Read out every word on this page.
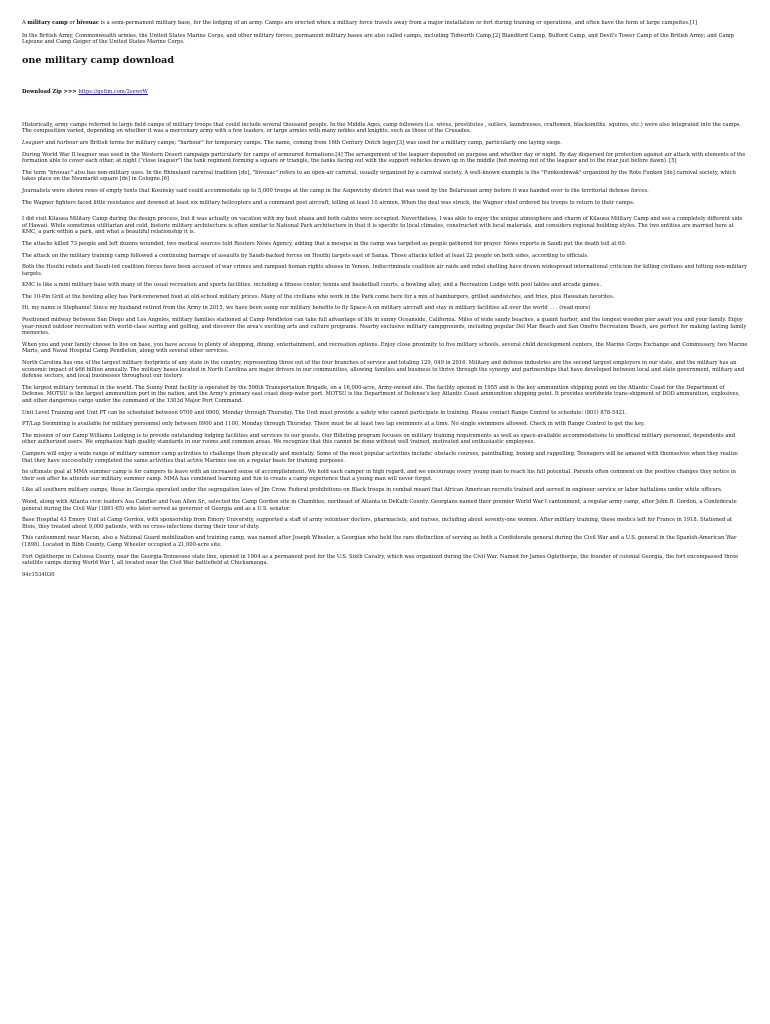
A military camp or bivouac is a semi-permanent military base, for the lodging of an army. Camps are erected when a military force travels away from a major installation or fort during training or operations, and often have the form of large campsites.[1]

In the British Army, Commonwealth armies, the United States Marine Corps, and other military forces, permanent military bases are also called camps, including Tidworth Camp,[2] Blandford Camp, Bulford Camp, and Devil's Tower Camp of the British Army; and Camp Lejeune and Camp Geiger of the United States Marine Corps.

one military camp download
Download Zip >>> https://geltm.com/2sewrW

Historically, army camps referred to large field camps of military troops that could include several thousand people. In the Middle Ages, camp followers (i.e. wives, prostitutes , sutlers, laundresses, craftsmen, blacksmiths, squires, etc.) were also integrated into the camps. The composition varied, depending on whether it was a mercenary army with a few leaders, or large armies with many nobles and knights, such as those of the Crusades.

Leaguer and harbour are British terms for military camps; "harbour" for temporary camps. The name, coming from 16th Century Dutch leger,[3] was used for a military camp, particularly one laying siege.

During World War II leaguer was used in the Western Desert campaign particularly for camps of armoured formations.[4] The arrangement of the leaguer depended on purpose and whether day or night. By day dispersed for protection against air attack with elements of the formation able to cover each other, at night ("close leaguer") the tank regiment forming a square or triangle, the tanks facing out with the support vehicles drawn up in the middle (but moving out of the leaguer and to the rear just before dawn). [5]

The term "bivouac" also has non-military uses. In the Rhineland carnival tradition [de], "bivouac" refers to an open-air carnival, usually organized by a carnival society. A well-known example is the "Funkenbiwak" organized by the Rote Funken [de] carnival society, which takes place on the Neumarkt square [de] in Cologne.[6]

Journalists were shown rows of empty tents that Kosinsky said could accommodate up to 5,000 troops at the camp in the Asipovichy district that was used by the Belarusian army before it was handed over to the territorial defense forces.

The Wagner fighters faced little resistance and downed at least six military helicopters and a command post aircraft, killing at least 10 airmen. When the deal was struck, the Wagner chief ordered his troops to return to their camps.

I did visit Kilauea Military Camp during the design process, but it was actually on vacation with my host ohana and both cabins were occupied. Nevertheless, I was able to enjoy the unique atmosphere and charm of Kilauea Military Camp and see a completely different side of Hawaii. While sometimes utilitarian and cold, historic military architecture is often similar to National Park architecture in that it is specific to local climates, constructed with local materials, and considers regional building styles. The two entities are married here at KMC, a park within a park, and what a beautiful relationship it is.

The attacks killed 73 people and left dozens wounded, two medical sources told Reuters News Agency, adding that a mosque in the camp was targeted as people gathered for prayer. News reports in Saudi put the death toll at 60.

The attack on the military training camp followed a continuing barrage of assaults by Saudi-backed forces on Houthi targets east of Sanaa. Those attacks killed at least 22 people on both sides, according to officials.

Both the Houthi rebels and Saudi-led coalition forces have been accused of war crimes and rampant human rights abuses in Yemen. Indiscriminate coalition air raids and rebel shelling have drawn widespread international criticism for killing civilians and hitting non-military targets.

KMC is like a mini military base with many of the usual recreation and sports facilities, including a fitness center, tennis and basketball courts, a bowling alley, and a Recreation Lodge with pool tables and arcade games.

The 10-Pin Grill at the bowling alley has Park-renowned food at old-school military prices. Many of the civilians who work in the Park come here for a mix of hamburgers, grilled sandwiches, and fries, plus Hawaiian favorites.

Hi, my name is Stephanie! Since my husband retired from the Army in 2015, we have been using our military benefits to fly Space-A on military aircraft and stay in military facilities all over the world . . . (read more)

Positioned midway between San Diego and Los Angeles, military families stationed at Camp Pendleton can take full advantage of life in sunny Oceanside, California. Miles of wide sandy beaches, a quaint harbor, and the longest wooden pier await you and your family. Enjoy year-round outdoor recreation with world-class surfing and golfing, and discover the area's exciting arts and culture programs. Nearby exclusive military campgrounds, including popular Del Mar Beach and San Onofre Recreation Beach, are perfect for making lasting family memories.

When you and your family choose to live on base, you have access to plenty of shopping, dining, entertainment, and recreation options. Enjoy close proximity to five military schools, several child development centers, the Marine Corps Exchange and Commissary, two Marine Marts, and Naval Hospital Camp Pendleton, along with several other services.

North Carolina has one of the largest military footprints of any state in the country, representing three out of the four branches of service and totaling 129, 049 in 2016. Military and defense industries are the second largest employers in our state, and the military has an economic impact of $66 billion annually. The military bases located in North Carolina are major drivers in our communities, allowing families and business to thrive through the synergy and partnerships that have developed between local and state government, military and defense sectors, and local businesses throughout our history.

The largest military terminal in the world. The Sunny Point facility is operated by the 596th Transportation Brigade, on a 16,000-acre, Army-owned site. The facility opened in 1955 and is the key ammunition shipping point on the Atlantic Coast for the Department of Defense. MOTSU is the largest ammunition port in the nation, and the Army's primary east coast deep-water port. MOTSU is the Department of Defense's key Atlantic Coast ammunition shipping point. It provides worldwide trans-shipment of DOD ammunition, explosives, and other dangerous cargo under the command of the 1303d Major Port Command.

Unit Level Training and Unit PT can be scheduled between 0700 and 0900, Monday through Thursday. The Unit must provide a safety who cannot participate in training. Please contact Range Control to schedule: (801) 878-5421.

PT/Lap Swimming is available for military personnel only between 0900 and 1100, Monday through Thursday. There must be at least two lap swimmers at a time. No single swimmers allowed. Check in with Range Control to get the key.

The mission of our Camp Williams Lodging is to provide outstanding lodging facilities and services to our guests. Our Billeting program focuses on military training requirements as well as space-available accommodations to unofficial military personnel, dependents and other authorized users. We emphasize high quality standards in our rooms and common areas. We recognize that this cannot be done without well trained, motivated and enthusiastic employees.

Campers will enjoy a wide range of military summer camp activities to challenge them physically and mentally. Some of the most popular activities include: obstacle courses, paintballing, boxing and rappelling. Teenagers will be amazed with themselves when they realize that they have successfully completed the same activities that active Marines use on a regular basis for training purposes.

he ultimate goal at MMA summer camp is for campers to leave with an increased sense of accomplishment. We hold each camper in high regard, and we encourage every young man to reach his full potential. Parents often comment on the positive changes they notice in their son after he attends our military summer camp. MMA has combined learning and fun to create a camp experience that a young man will never forget.

Like all southern military camps, those in Georgia operated under the segregation laws of Jim Crow. Federal prohibitions on Black troops in combat meant that African American recruits trained and served in engineer service or labor battalions under white officers.

Wood, along with Atlanta civic leaders Asa Candler and Ivan Allen Sr., selected the Camp Gordon site in Chamblee, northeast of Atlanta in DeKalb County. Georgians named their premier World War I cantonment, a regular army camp, after John B. Gordon, a Confederate general during the Civil War (1861-65) who later served as governor of Georgia and as a U.S. senator.

Base Hospital 43 Emory Unit at Camp Gordon, with sponsorship from Emory University, supported a staff of army volunteer doctors, pharmacists, and nurses, including about seventy-one women. After military training, these medics left for France in 1918. Stationed at Blois, they treated about 9,000 patients, with no cross-infections during their tour of duty.

This cantonment near Macon, also a National Guard mobilization and training camp, was named after Joseph Wheeler, a Georgian who held the rare distinction of serving as both a Confederate general during the Civil War and a U.S. general in the Spanish-American War (1898). Located in Bibb County, Camp Wheeler occupied a 21,000-acre site.

Fort Oglethorpe in Catoosa County, near the Georgia-Tennessee state line, opened in 1904 as a permanent post for the U.S. Sixth Cavalry, which was organized during the Civil War. Named for James Oglethorpe, the founder of colonial Georgia, the fort encompassed three satellite camps during World War I, all located near the Civil War battlefield at Chickamauga.

94c1534030
